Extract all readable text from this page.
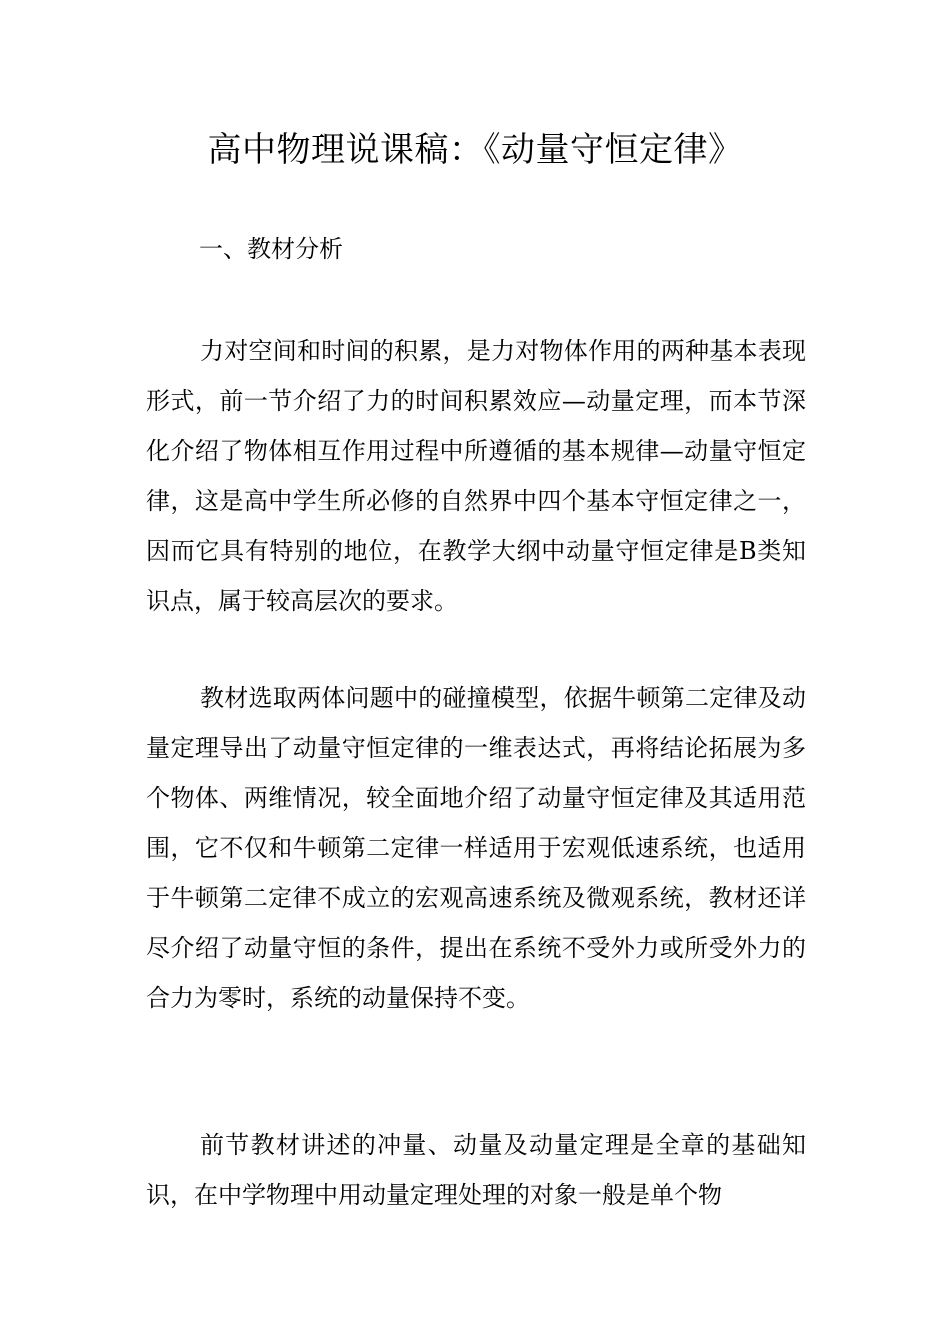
高中物理说课稿：《动量守恒定律》

一、教材分析

力对空间和时间的积累，是力对物体作用的两种基本表现形式，前一节介绍了力的时间积累效应—动量定理，而本节深化介绍了物体相互作用过程中所遵循的基本规律—动量守恒定律，这是高中学生所必修的自然界中四个基本守恒定律之一，因而它具有特别的地位，在教学大纲中动量守恒定律是B类知识点，属于较高层次的要求。

教材选取两体问题中的碰撞模型，依据牛顿第二定律及动量定理导出了动量守恒定律的一维表达式，再将结论拓展为多个物体、两维情况，较全面地介绍了动量守恒定律及其适用范围，它不仅和牛顿第二定律一样适用于宏观低速系统，也适用于牛顿第二定律不成立的宏观高速系统及微观系统，教材还详尽介绍了动量守恒的条件，提出在系统不受外力或所受外力的合力为零时，系统的动量保持不变。

前节教材讲述的冲量、动量及动量定理是全章的基础知识，在中学物理中用动量定理处理的对象一般是单个物
